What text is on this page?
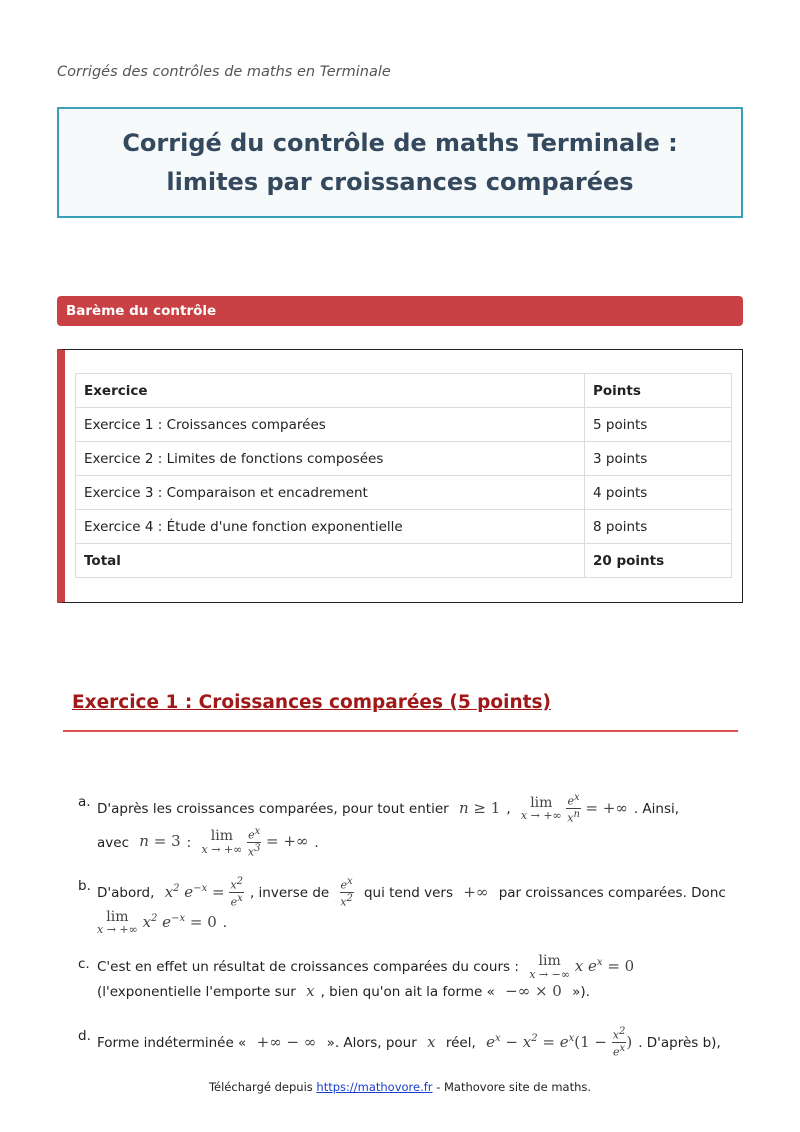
Corrigés des contrôles de maths en Terminale
Corrigé du contrôle de maths Terminale : limites par croissances comparées
Barème du contrôle
Exercice	Points
Exercice 1 : Croissances comparées	5 points
Exercice 2 : Limites de fonctions composées	3 points
Exercice 3 : Comparaison et encadrement	4 points
Exercice 4 : Étude d'une fonction exponentielle	8 points
Total	20 points
Exercice 1 : Croissances comparées (5 points)
a. D'après les croissances comparées, pour tout entier n ≥ 1 , lim
x → +∞
$\frac{e^x}{x^n}$ = +∞ . Ainsi,
avec n = 3 : lim
x → +∞
$\frac{e^x}{x^3}$ = +∞ .
b. D'abord, $x^2$ $e^{-x} = \frac{x^2}{e^x}$ , inverse de $\frac{e^x}{x^2}$ qui tend vers +∞ par croissances comparées. Donc

lim
x → +∞ $x^2$ $e^{-x} = 0$ .
c. C'est en effet un résultat de croissances comparées du cours : lim
x → −∞ x $e^x = 0$
(l'exponentielle l'emporte sur x , bien qu'on ait la forme « −∞ × 0 »).
d. Forme indéterminée « +∞ − ∞ ». Alors, pour x réel, $e^x - x^2 = e^x(1 - \frac{x^2}{e^x}$ ) . D'après b),
Téléchargé depuis https://mathovore.fr - Mathovore site de maths.
